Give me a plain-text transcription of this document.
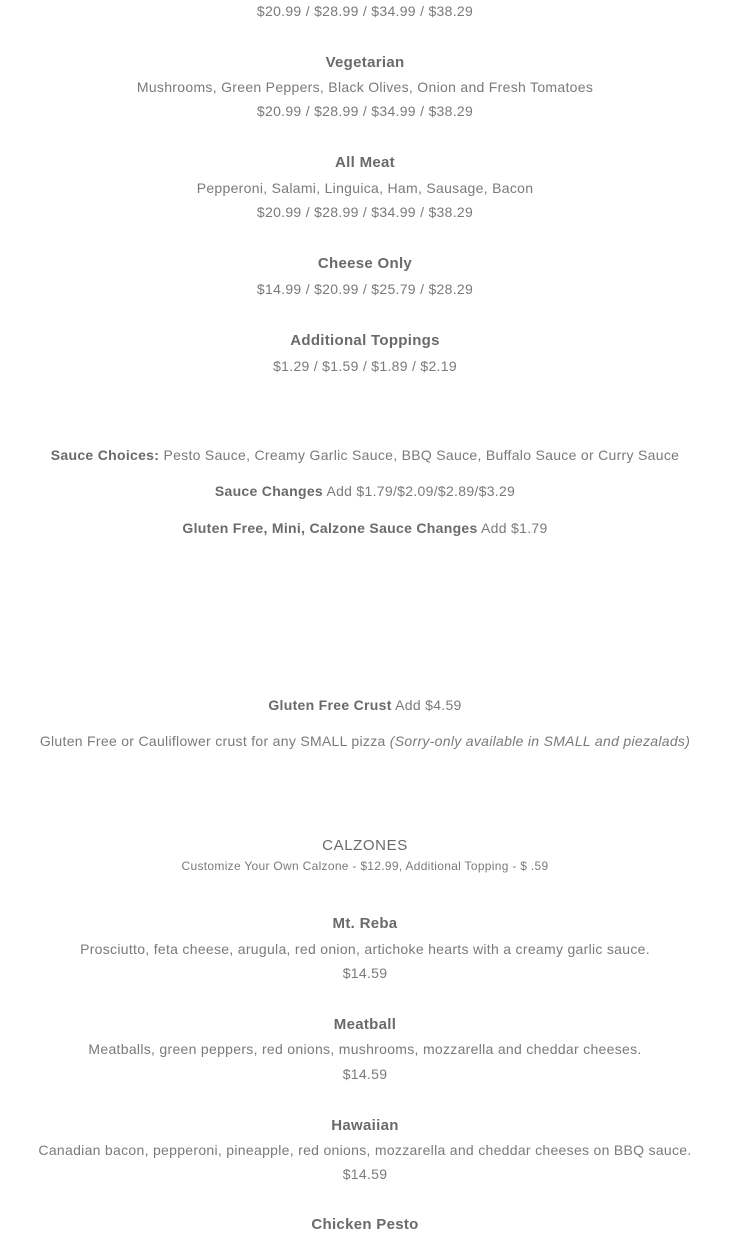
$20.99 / $28.99 / $34.99 / $38.29
Vegetarian
Mushrooms, Green Peppers, Black Olives, Onion and Fresh Tomatoes
$20.99 / $28.99 / $34.99 / $38.29
All Meat
Pepperoni, Salami, Linguica, Ham, Sausage, Bacon
$20.99 / $28.99 / $34.99 / $38.29
Cheese Only
$14.99 / $20.99 / $25.79 / $28.29
Additional Toppings
$1.29 / $1.59 / $1.89 / $2.19
Sauce Choices: Pesto Sauce, Creamy Garlic Sauce, BBQ Sauce, Buffalo Sauce or Curry Sauce
Sauce Changes Add $1.79/$2.09/$2.89/$3.29
Gluten Free, Mini, Calzone Sauce Changes Add $1.79
Gluten Free Crust Add $4.59
Gluten Free or Cauliflower crust for any SMALL pizza (Sorry-only available in SMALL and piezalads)
CALZONES
Customize Your Own Calzone - $12.99, Additional Topping - $ .59
Mt. Reba
Prosciutto, feta cheese, arugula, red onion, artichoke hearts with a creamy garlic sauce.
$14.59
Meatball
Meatballs, green peppers, red onions, mushrooms, mozzarella and cheddar cheeses.
$14.59
Hawaiian
Canadian bacon, pepperoni, pineapple, red onions, mozzarella and cheddar cheeses on BBQ sauce.
$14.59
Chicken Pesto
